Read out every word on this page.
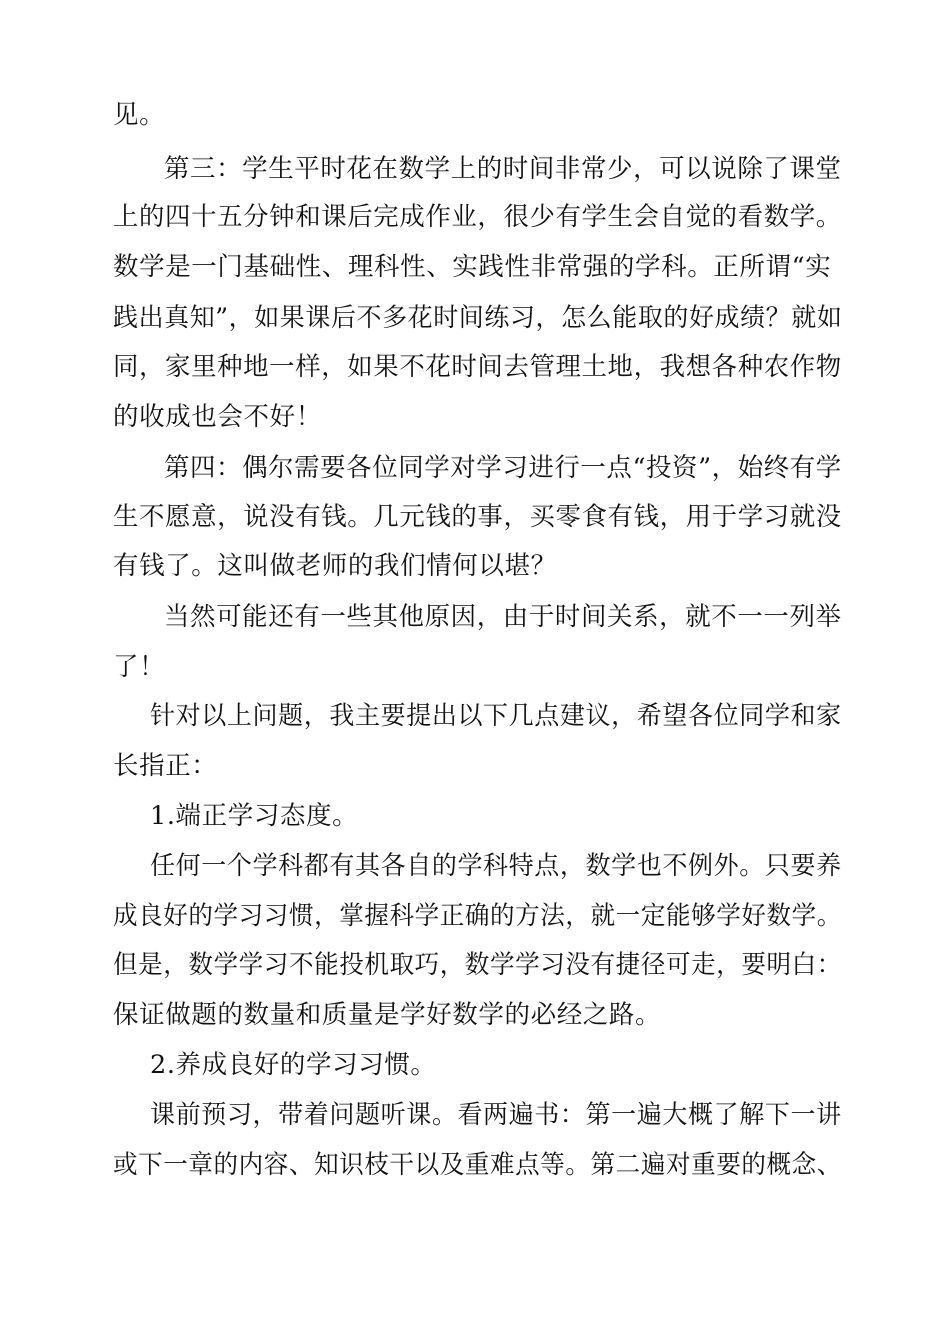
见。
第三：学生平时花在数学上的时间非常少，可以说除了课堂
上的四十五分钟和课后完成作业，很少有学生会自觉的看数学。
数学是一门基础性、理科性、实践性非常强的学科。正所谓“实
践出真知”，如果课后不多花时间练习，怎么能取的好成绩？就如
同，家里种地一样，如果不花时间去管理土地，我想各种农作物
的收成也会不好！
第四：偶尔需要各位同学对学习进行一点“投资”，始终有学
生不愿意，说没有钱。几元钱的事，买零食有钱，用于学习就没
有钱了。这叫做老师的我们情何以堪？
当然可能还有一些其他原因，由于时间关系，就不一一列举
了！
针对以上问题，我主要提出以下几点建议，希望各位同学和家
长指正：
1.端正学习态度。
任何一个学科都有其各自的学科特点，数学也不例外。只要养
成良好的学习习惯，掌握科学正确的方法，就一定能够学好数学。
但是，数学学习不能投机取巧，数学学习没有捷径可走，要明白：
保证做题的数量和质量是学好数学的必经之路。
2.养成良好的学习习惯。
课前预习，带着问题听课。看两遍书：第一遍大概了解下一讲
或下一章的内容、知识枝干以及重难点等。第二遍对重要的概念、
